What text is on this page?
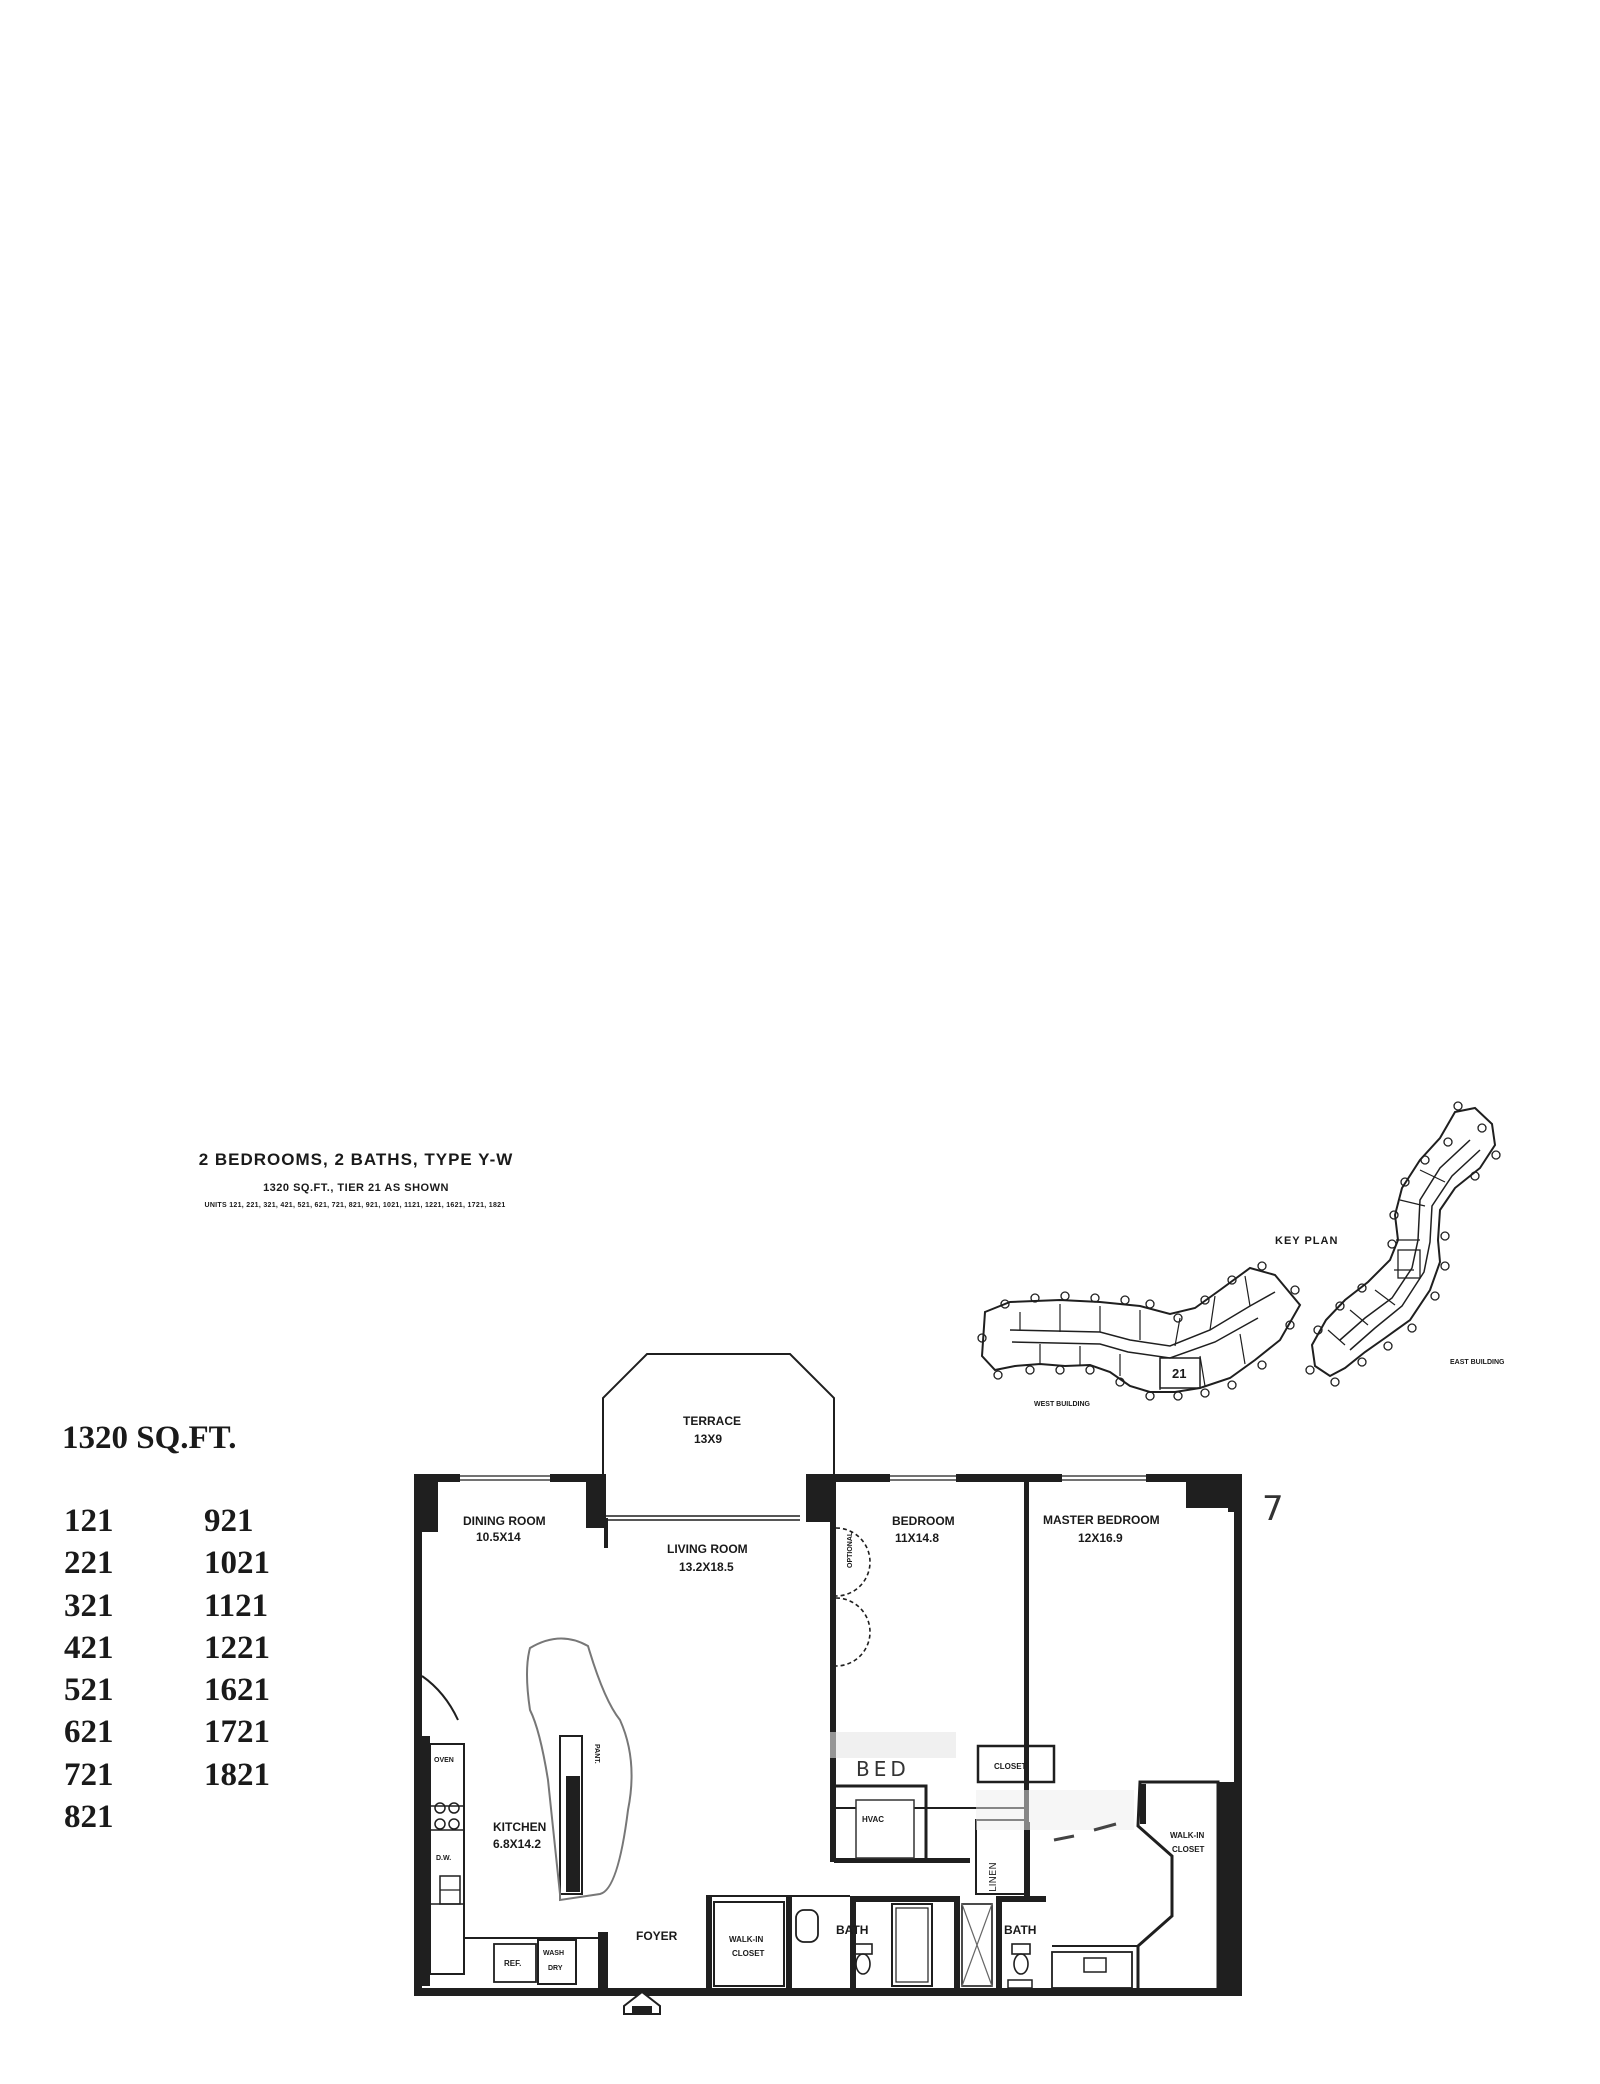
2 BEDROOMS, 2 BATHS, TYPE Y-W
1320 SQ.FT., TIER 21 AS SHOWN
UNITS 121, 221, 321, 421, 521, 621, 721, 821, 921, 1021, 1121, 1221, 1621, 1721, 1821
1320 SQ.FT.
121
221
321
421
521
621
721
821
921
1021
1121
1221
1621
1721
1821
21
WEST BUILDING
EAST BUILDING
KEY PLAN
TERRACE
13X9
DINING ROOM
10.5X14
LIVING ROOM
13.2X18.5
BEDROOM
11X14.8
MASTER BEDROOM
12X16.9
KITCHEN
6.8X14.2
OVEN
D.W.
REF.
WASH
DRY
PANT.
FOYER	WALK-IN
CLOSET
BATH	BATH
CLOSET
HVAC
OPTIONAL
WALK-IN
CLOSET
BED
LINEN
7
